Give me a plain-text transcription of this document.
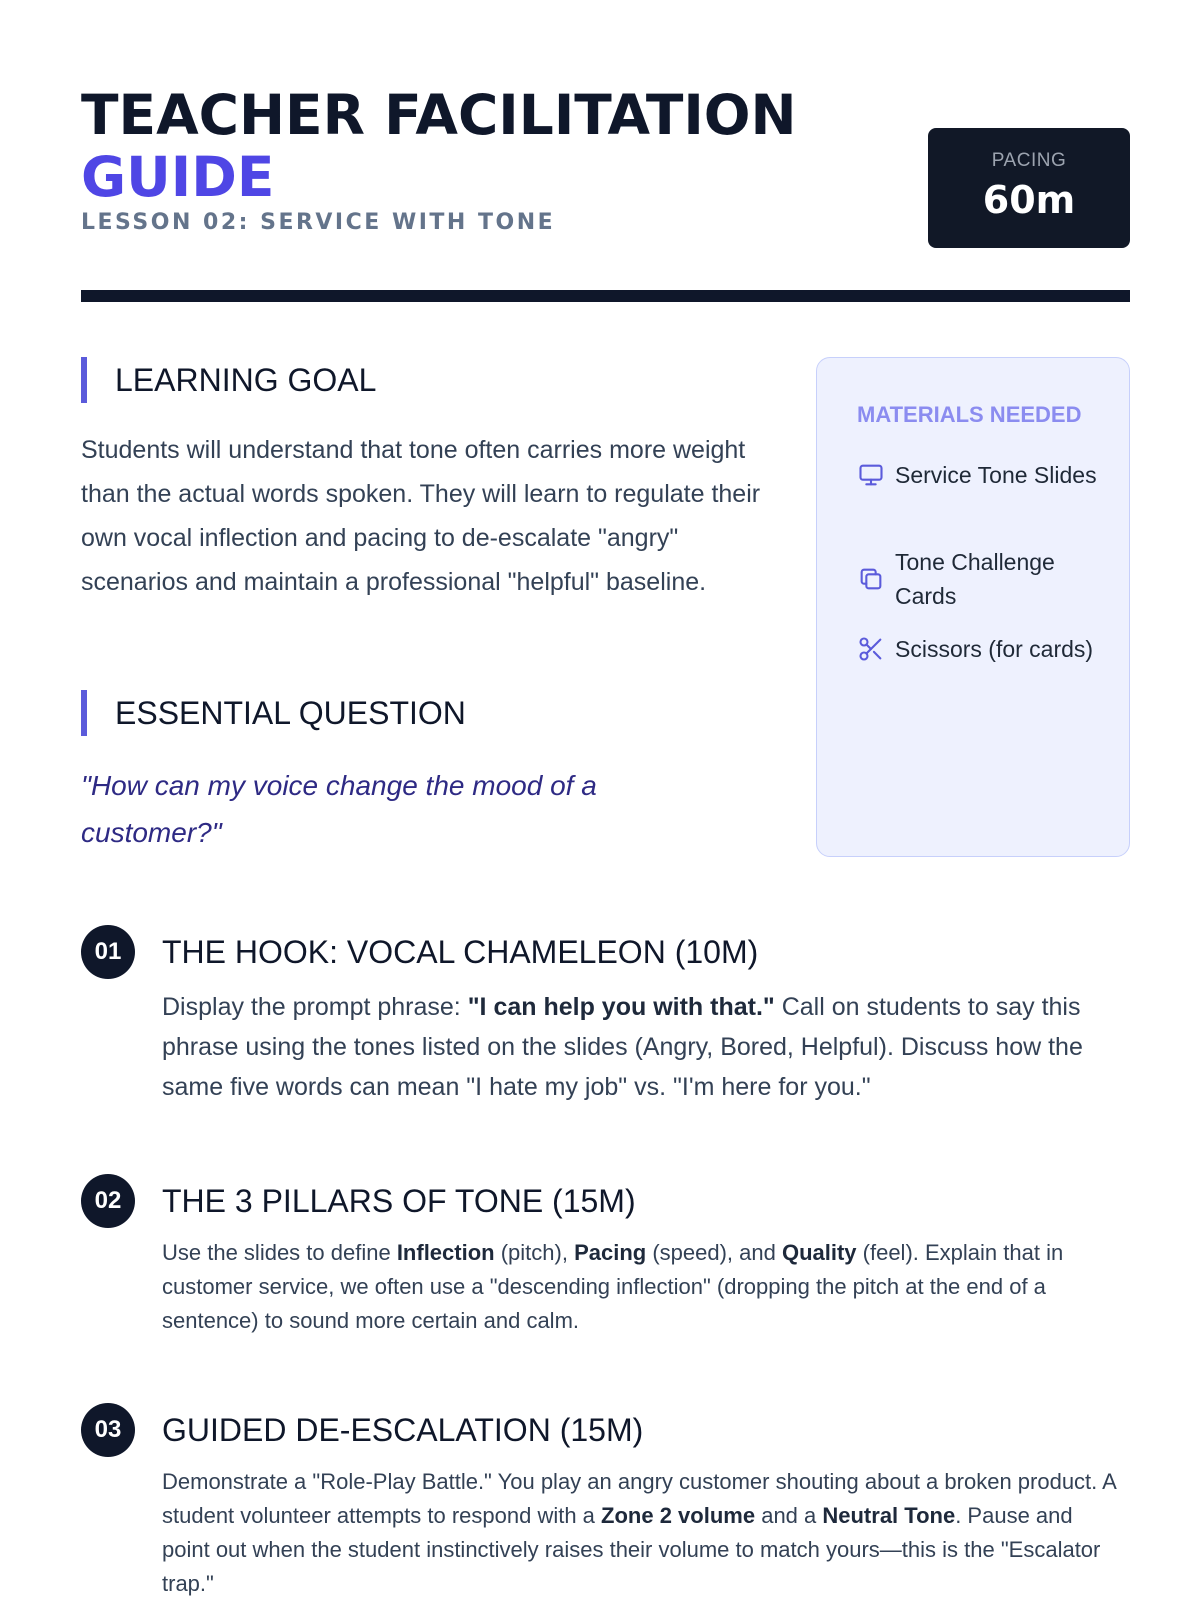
TEACHER FACILITATION
GUIDE
LESSON 02: SERVICE WITH TONE
PACING
60m
LEARNING GOAL
Students will understand that tone often carries more weight than the actual words spoken. They will learn to regulate their own vocal inflection and pacing to de-escalate "angry" scenarios and maintain a professional "helpful" baseline.
ESSENTIAL QUESTION
"How can my voice change the mood of a customer?"
MATERIALS NEEDED
Service Tone Slides
Tone Challenge Cards
Scissors (for cards)
01	THE HOOK: VOCAL CHAMELEON (10M)
Display the prompt phrase: "I can help you with that." Call on students to say this phrase using the tones listed on the slides (Angry, Bored, Helpful). Discuss how the same five words can mean "I hate my job" vs. "I'm here for you."
02	THE 3 PILLARS OF TONE (15M)
Use the slides to define Inflection (pitch), Pacing (speed), and Quality (feel). Explain that in customer service, we often use a "descending inflection" (dropping the pitch at the end of a sentence) to sound more certain and calm.
03	GUIDED DE-ESCALATION (15M)
Demonstrate a "Role-Play Battle." You play an angry customer shouting about a broken product. A student volunteer attempts to respond with a Zone 2 volume and a Neutral Tone. Pause and point out when the student instinctively raises their volume to match yours—this is the "Escalator trap."
